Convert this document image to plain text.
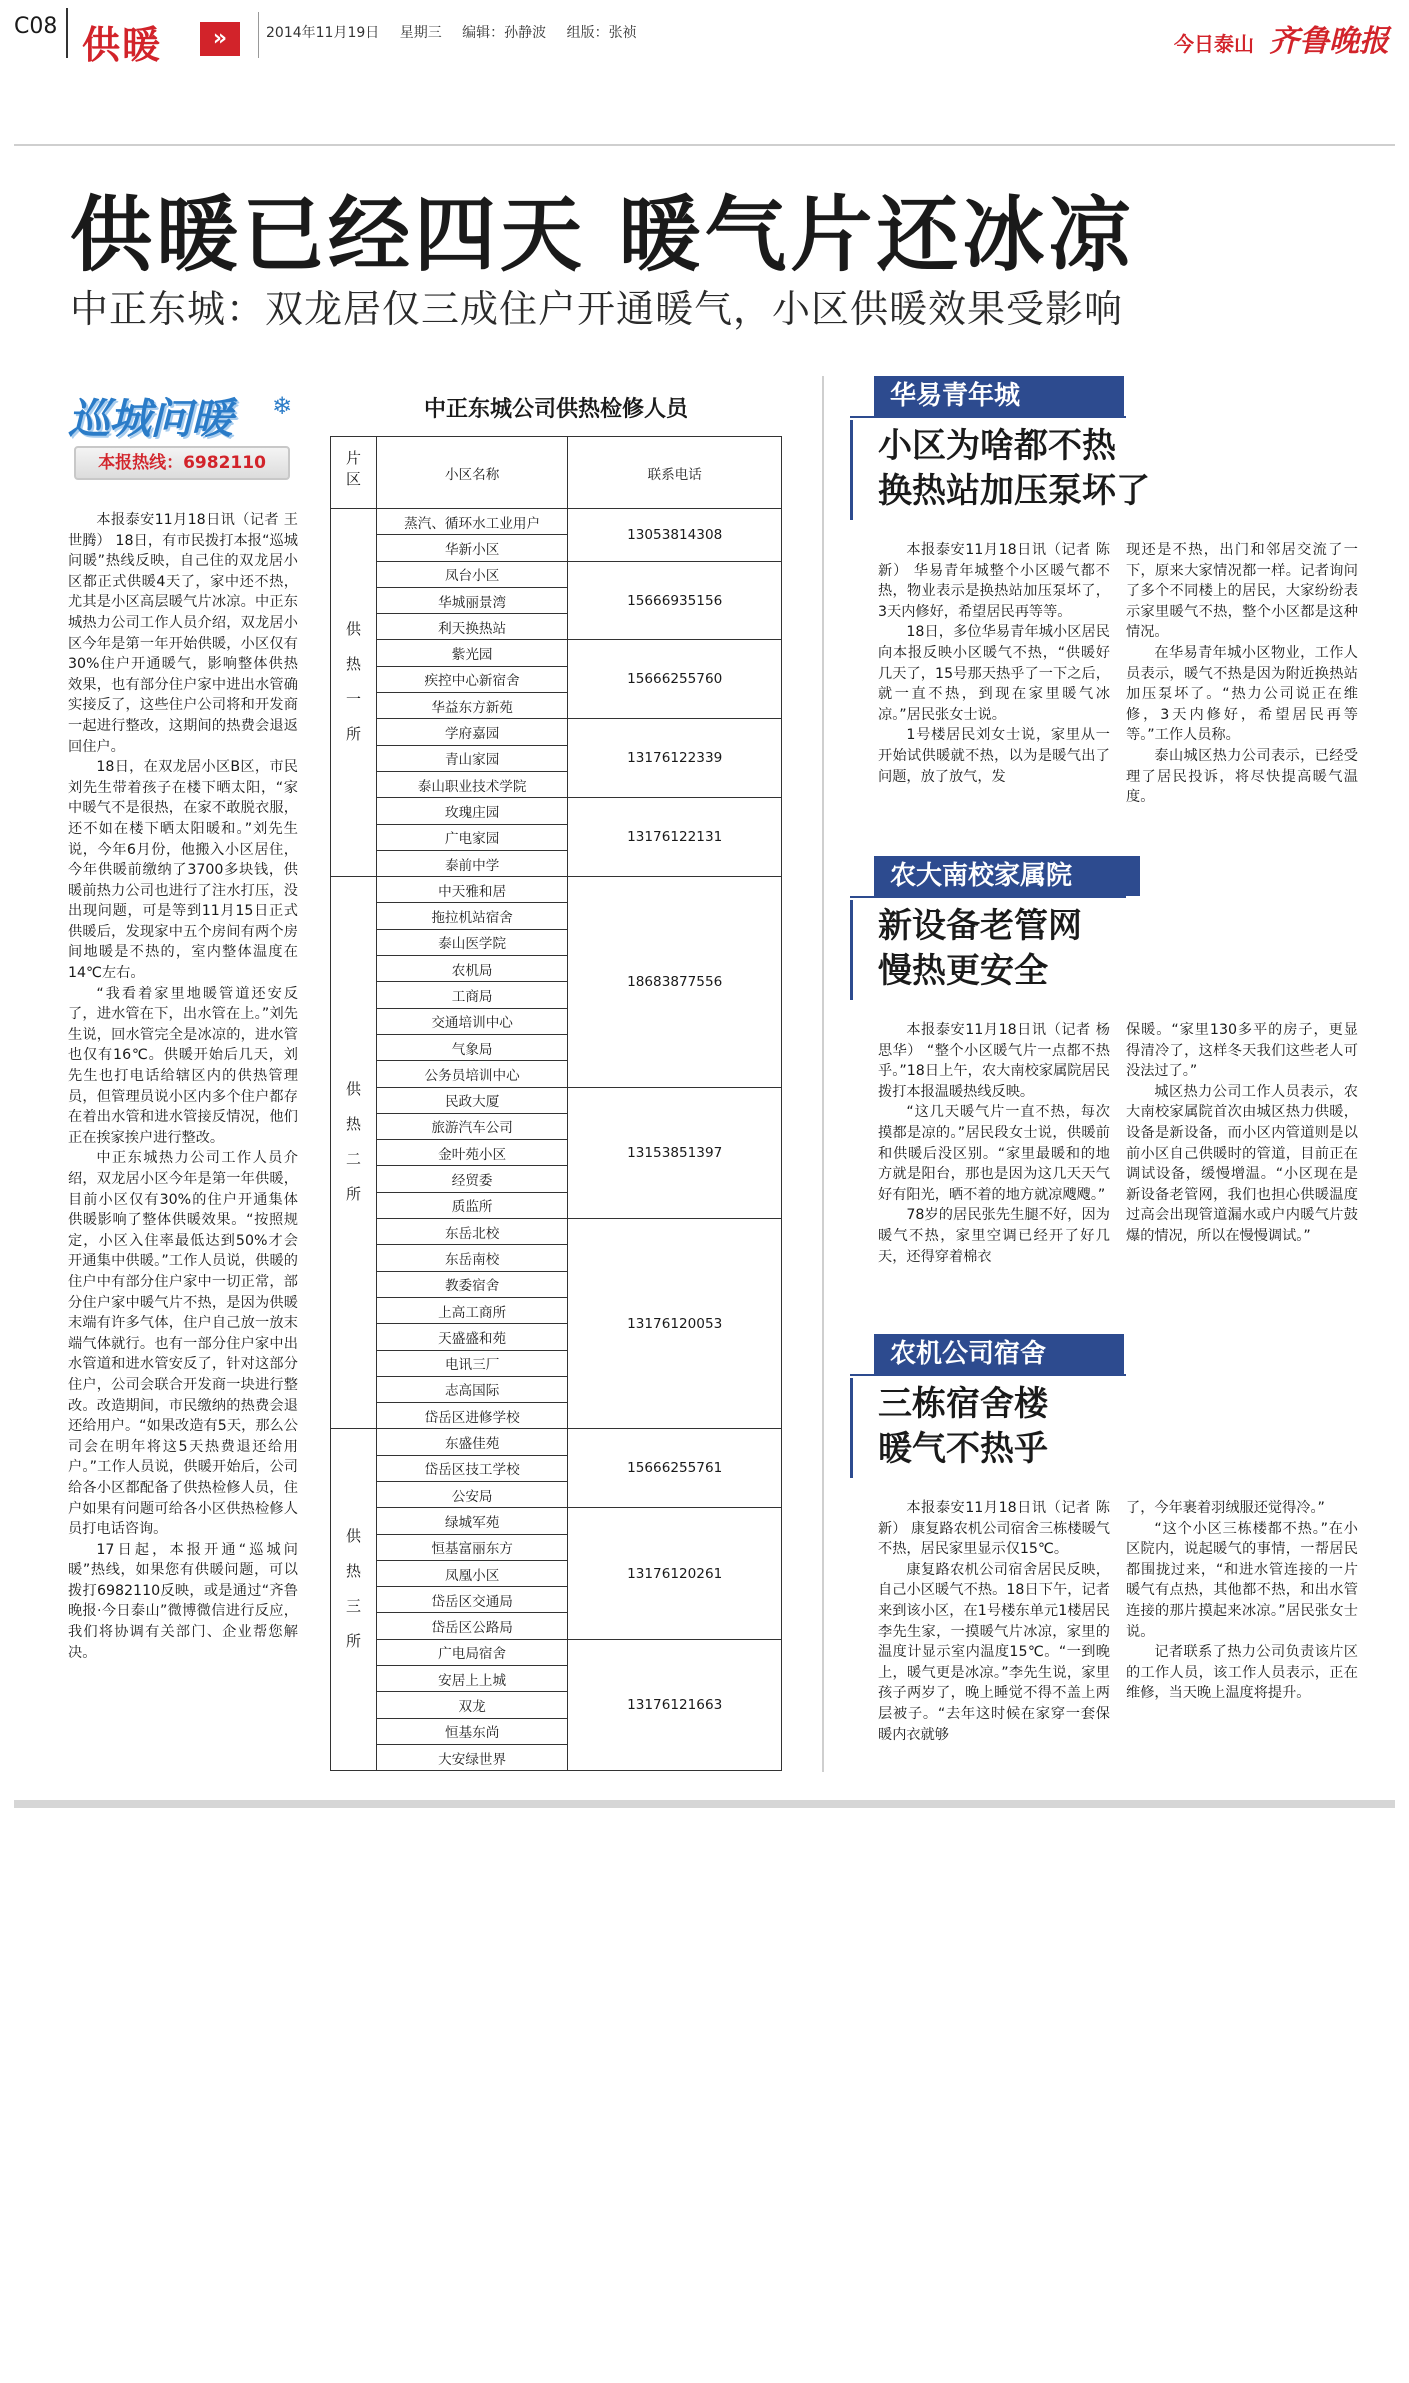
C08 供暖	»	2014年11月19日 星期三 编辑：孙静波 组版：张祯	今日泰山 齐鲁晚报
供暖已经四天 暖气片还冰凉
中正东城：双龙居仅三成住户开通暖气，小区供暖效果受影响
巡城问暖 ❄
本报热线：6982110

本报泰安11月18日讯（记者 王世腾） 18日，有市民拨打本报“巡城问暖”热线反映，自己住的双龙居小区都正式供暖4天了，家中还不热，尤其是小区高层暖气片冰凉。中正东城热力公司工作人员介绍，双龙居小区今年是第一年开始供暖，小区仅有30%住户开通暖气，影响整体供热效果，也有部分住户家中进出水管确实接反了，这些住户公司将和开发商一起进行整改，这期间的热费会退返回住户。

18日，在双龙居小区B区，市民刘先生带着孩子在楼下晒太阳，“家中暖气不是很热，在家不敢脱衣服，还不如在楼下晒太阳暖和。”刘先生说，今年6月份，他搬入小区居住，今年供暖前缴纳了3700多块钱，供暖前热力公司也进行了注水打压，没出现问题，可是等到11月15日正式供暖后，发现家中五个房间有两个房间地暖是不热的，室内整体温度在14℃左右。

“我看着家里地暖管道还安反了，进水管在下，出水管在上。”刘先生说，回水管完全是冰凉的，进水管也仅有16℃。供暖开始后几天，刘先生也打电话给辖区内的供热管理员，但管理员说小区内多个住户都存在着出水管和进水管接反情况，他们正在挨家挨户进行整改。

中正东城热力公司工作人员介绍，双龙居小区今年是第一年供暖，目前小区仅有30%的住户开通集体供暖影响了整体供暖效果。“按照规定，小区入住率最低达到50%才会开通集中供暖。”工作人员说，供暖的住户中有部分住户家中一切正常，部分住户家中暖气片不热，是因为供暖末端有许多气体，住户自己放一放末端气体就行。也有一部分住户家中出水管道和进水管安反了，针对这部分住户，公司会联合开发商一块进行整改。改造期间，市民缴纳的热费会退还给用户。“如果改造有5天，那么公司会在明年将这5天热费退还给用户。”工作人员说，供暖开始后，公司给各小区都配备了供热检修人员，住户如果有问题可给各小区供热检修人员打电话咨询。

17日起，本报开通“巡城问暖”热线，如果您有供暖问题，可以拨打6982110反映，或是通过“齐鲁晚报·今日泰山”微博微信进行反应，我们将协调有关部门、企业帮您解决。

中正东城公司供热检修人员
片区	小区名称	联系电话
供热一所	蒸汽、循环水工业用户	13053814308
	华新小区	
	凤台小区	15666935156
	华城丽景湾	
	利天换热站	
	紫光园	15666255760
	疾控中心新宿舍	
	华益东方新苑	
	学府嘉园	13176122339
	青山家园	
	泰山职业技术学院	
	玫瑰庄园	13176122131
	广电家园	
	泰前中学	
供热二所	中天雅和居	18683877556
	拖拉机站宿舍	
	泰山医学院	
	农机局	
	工商局	
	交通培训中心	
	气象局	
	公务员培训中心	
	民政大厦	13153851397
	旅游汽车公司	
	金叶苑小区	
	经贸委	
	质监所	
	东岳北校	13176120053
	东岳南校	
	教委宿舍	
	上高工商所	
	天盛盛和苑	
	电讯三厂	
	志高国际	
	岱岳区进修学校	
供热三所	东盛佳苑	15666255761
	岱岳区技工学校	
	公安局	
	绿城军苑	13176120261
	恒基富丽东方	
	凤凰小区	
	岱岳区交通局	
	岱岳区公路局	
	广电局宿舍	13176121663
	安居上上城	
	双龙	
	恒基东尚	
	大安绿世界	
华易青年城
小区为啥都不热
换热站加压泵坏了

本报泰安11月18日讯（记者 陈新） 华易青年城整个小区暖气都不热，物业表示是换热站加压泵坏了，3天内修好，希望居民再等等。

18日，多位华易青年城小区居民向本报反映小区暖气不热，“供暖好几天了，15号那天热乎了一下之后，就一直不热，到现在家里暖气冰凉。”居民张女士说。

1号楼居民刘女士说，家里从一开始试供暖就不热，以为是暖气出了问题，放了放气，发

现还是不热，出门和邻居交流了一下，原来大家情况都一样。记者询问了多个不同楼上的居民，大家纷纷表示家里暖气不热，整个小区都是这种情况。

在华易青年城小区物业，工作人员表示，暖气不热是因为附近换热站加压泵坏了。“热力公司说正在维修，3天内修好，希望居民再等等。”工作人员称。

泰山城区热力公司表示，已经受理了居民投诉，将尽快提高暖气温度。

农大南校家属院
新设备老管网
慢热更安全

本报泰安11月18日讯（记者 杨思华） “整个小区暖气片一点都不热乎。”18日上午，农大南校家属院居民拨打本报温暖热线反映。

“这几天暖气片一直不热，每次摸都是凉的。”居民段女士说，供暖前和供暖后没区别。“家里最暖和的地方就是阳台，那也是因为这几天天气好有阳光，晒不着的地方就凉飕飕。”

78岁的居民张先生腿不好，因为暖气不热，家里空调已经开了好几天，还得穿着棉衣

保暖。“家里130多平的房子，更显得清冷了，这样冬天我们这些老人可没法过了。”

城区热力公司工作人员表示，农大南校家属院首次由城区热力供暖，设备是新设备，而小区内管道则是以前小区自己供暖时的管道，目前正在调试设备，缓慢增温。“小区现在是新设备老管网，我们也担心供暖温度过高会出现管道漏水或户内暖气片鼓爆的情况，所以在慢慢调试。”

农机公司宿舍
三栋宿舍楼
暖气不热乎

本报泰安11月18日讯（记者 陈新） 康复路农机公司宿舍三栋楼暖气不热，居民家里显示仅15℃。

康复路农机公司宿舍居民反映，自己小区暖气不热。18日下午，记者来到该小区，在1号楼东单元1楼居民李先生家，一摸暖气片冰凉，家里的温度计显示室内温度15℃。“一到晚上，暖气更是冰凉。”李先生说，家里孩子两岁了，晚上睡觉不得不盖上两层被子。“去年这时候在家穿一套保暖内衣就够

了，今年裹着羽绒服还觉得冷。”

“这个小区三栋楼都不热。”在小区院内，说起暖气的事情，一帮居民都围拢过来，“和进水管连接的一片暖气有点热，其他都不热，和出水管连接的那片摸起来冰凉。”居民张女士说。

记者联系了热力公司负责该片区的工作人员，该工作人员表示，正在维修，当天晚上温度将提升。
